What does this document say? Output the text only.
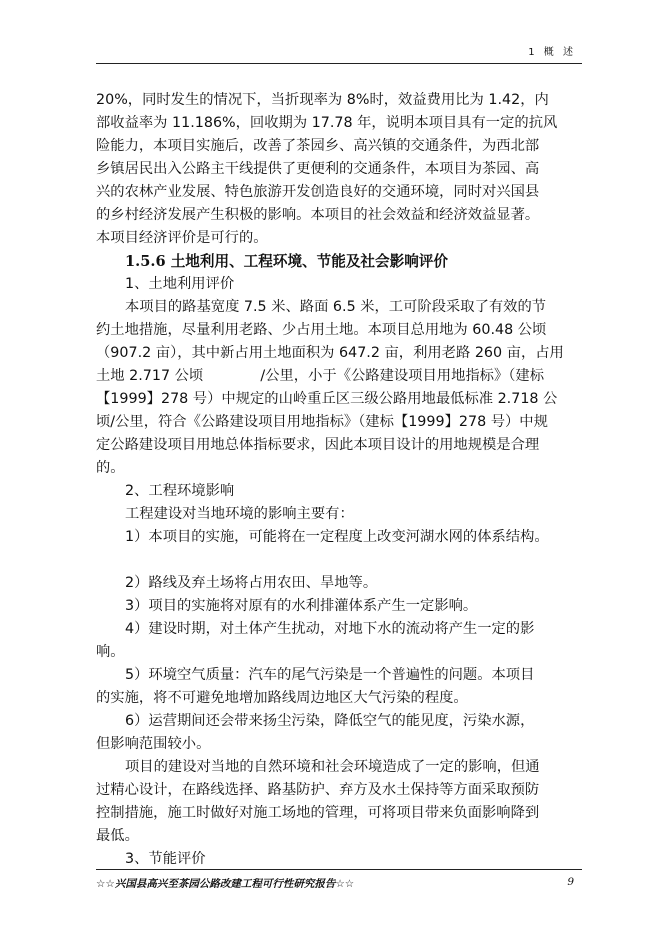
1 概 述

20%，同时发生的情况下，当折现率为 8%时，效益费用比为 1.42，内

部收益率为 11.186%，回收期为 17.78 年，说明本项目具有一定的抗风

险能力，本项目实施后，改善了茶园乡、高兴镇的交通条件，为西北部

乡镇居民出入公路主干线提供了更便利的交通条件，本项目为茶园、高

兴的农林产业发展、特色旅游开发创造良好的交通环境，同时对兴国县

的乡村经济发展产生积极的影响。本项目的社会效益和经济效益显著。

本项目经济评价是可行的。

1.5.6 土地利用、工程环境、节能及社会影响评价

1、土地利用评价

本项目的路基宽度 7.5 米、路面 6.5 米，工可阶段采取了有效的节

约土地措施，尽量利用老路、少占用土地。本项目总用地为 60.48 公顷

（907.2 亩），其中新占用土地面积为 647.2 亩，利用老路 260 亩，占用

土地 2.717 公顷　　　　/公里，小于《公路建设项目用地指标》（建标

【1999】278 号）中规定的山岭重丘区三级公路用地最低标准 2.718 公

顷/公里，符合《公路建设项目用地指标》（建标【1999】278 号）中规

定公路建设项目用地总体指标要求，因此本项目设计的用地规模是合理

的。

2、工程环境影响

工程建设对当地环境的影响主要有：

1）本项目的实施，可能将在一定程度上改变河湖水网的体系结构。

2）路线及弃土场将占用农田、旱地等。

3）项目的实施将对原有的水利排灌体系产生一定影响。

4）建设时期，对土体产生扰动，对地下水的流动将产生一定的影

响。

5）环境空气质量：汽车的尾气污染是一个普遍性的问题。本项目

的实施，将不可避免地增加路线周边地区大气污染的程度。

6）运营期间还会带来扬尘污染，降低空气的能见度，污染水源，

但影响范围较小。

项目的建设对当地的自然环境和社会环境造成了一定的影响，但通

过精心设计，在路线选择、路基防护、弃方及水土保持等方面采取预防

控制措施，施工时做好对施工场地的管理，可将项目带来负面影响降到

最低。

3、节能评价

☆☆兴国县高兴至茶园公路改建工程可行性研究报告☆☆	9
